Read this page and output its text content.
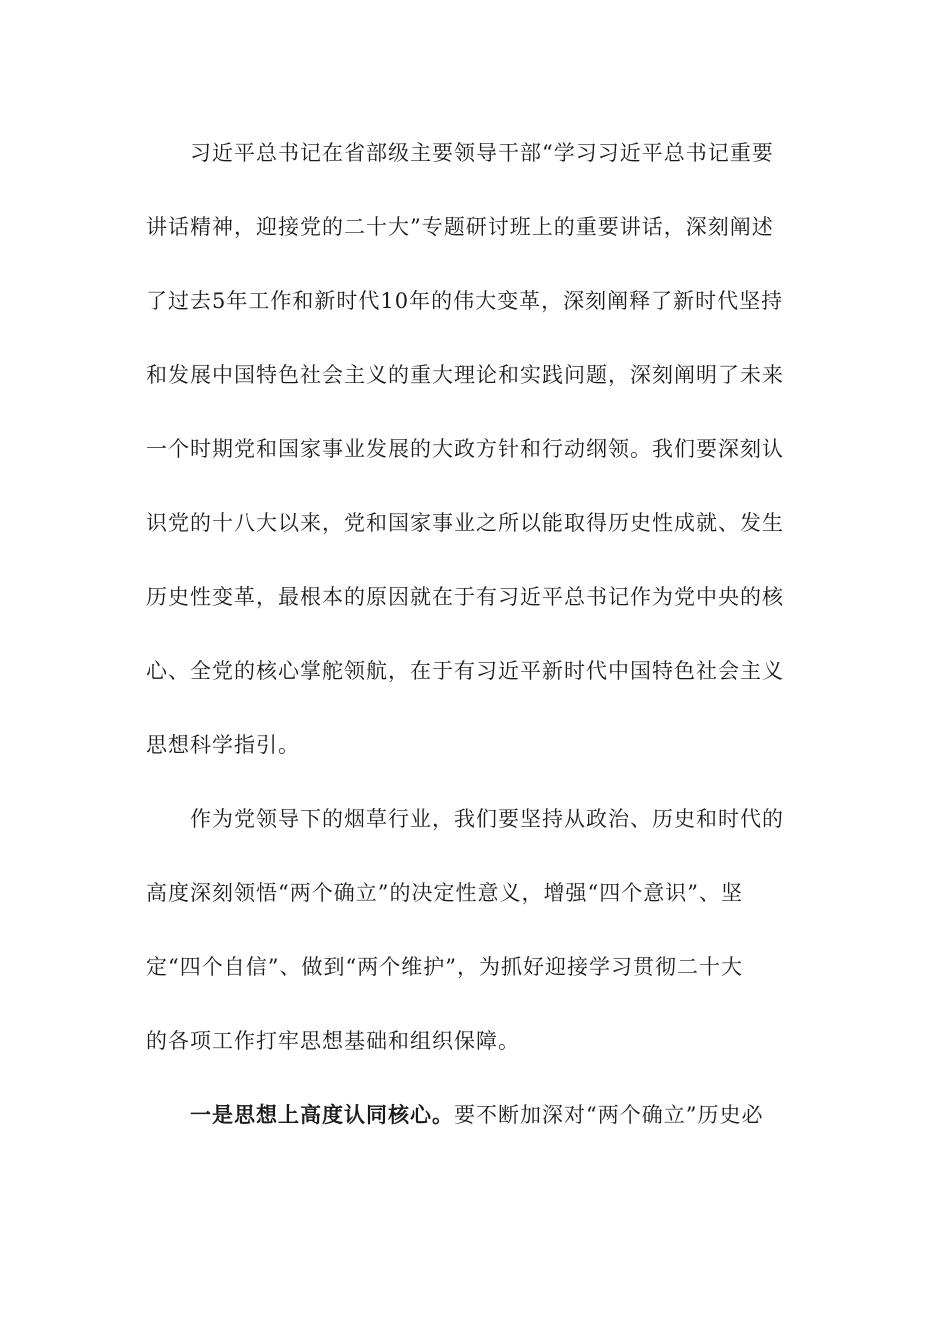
习近平总书记在省部级主要领导干部“学习习近平总书记重要
讲话精神，迎接党的二十大”专题研讨班上的重要讲话，深刻阐述
了过去5年工作和新时代10年的伟大变革，深刻阐释了新时代坚持
和发展中国特色社会主义的重大理论和实践问题，深刻阐明了未来
一个时期党和国家事业发展的大政方针和行动纲领。我们要深刻认
识党的十八大以来，党和国家事业之所以能取得历史性成就、发生
历史性变革，最根本的原因就在于有习近平总书记作为党中央的核
心、全党的核心掌舵领航，在于有习近平新时代中国特色社会主义
思想科学指引。
作为党领导下的烟草行业，我们要坚持从政治、历史和时代的
高度深刻领悟“两个确立”的决定性意义，增强“四个意识”、坚
定“四个自信”、做到“两个维护”，为抓好迎接学习贯彻二十大
的各项工作打牢思想基础和组织保障。
一是思想上高度认同核心。要不断加深对“两个确立”历史必
